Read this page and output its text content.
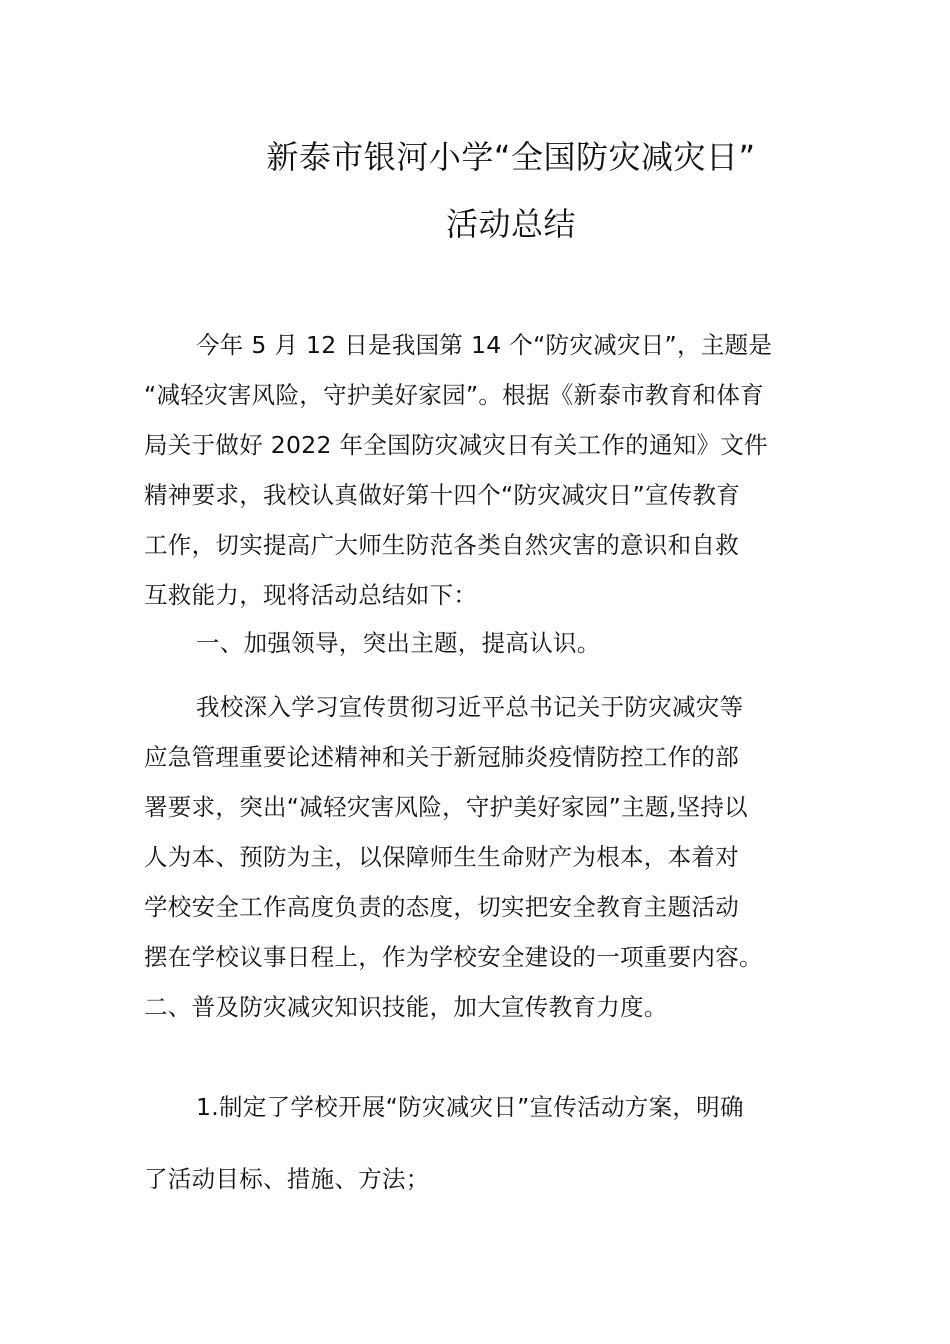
新泰市银河小学“全国防灾减灾日”
活动总结
今年 5 月 12 日是我国第 14 个“防灾减灾日”，主题是
“减轻灾害风险，守护美好家园”。根据《新泰市教育和体育
局关于做好 2022 年全国防灾减灾日有关工作的通知》文件
精神要求，我校认真做好第十四个“防灾减灾日”宣传教育
工作，切实提高广大师生防范各类自然灾害的意识和自救
互救能力，现将活动总结如下：
一、加强领导，突出主题，提高认识。
我校深入学习宣传贯彻习近平总书记关于防灾减灾等
应急管理重要论述精神和关于新冠肺炎疫情防控工作的部
署要求，突出“减轻灾害风险，守护美好家园”主题,坚持以
人为本、预防为主，以保障师生生命财产为根本，本着对
学校安全工作高度负责的态度，切实把安全教育主题活动
摆在学校议事日程上，作为学校安全建设的一项重要内容。
二、普及防灾减灾知识技能，加大宣传教育力度。
1.制定了学校开展“防灾减灾日”宣传活动方案，明确
了活动目标、措施、方法；
